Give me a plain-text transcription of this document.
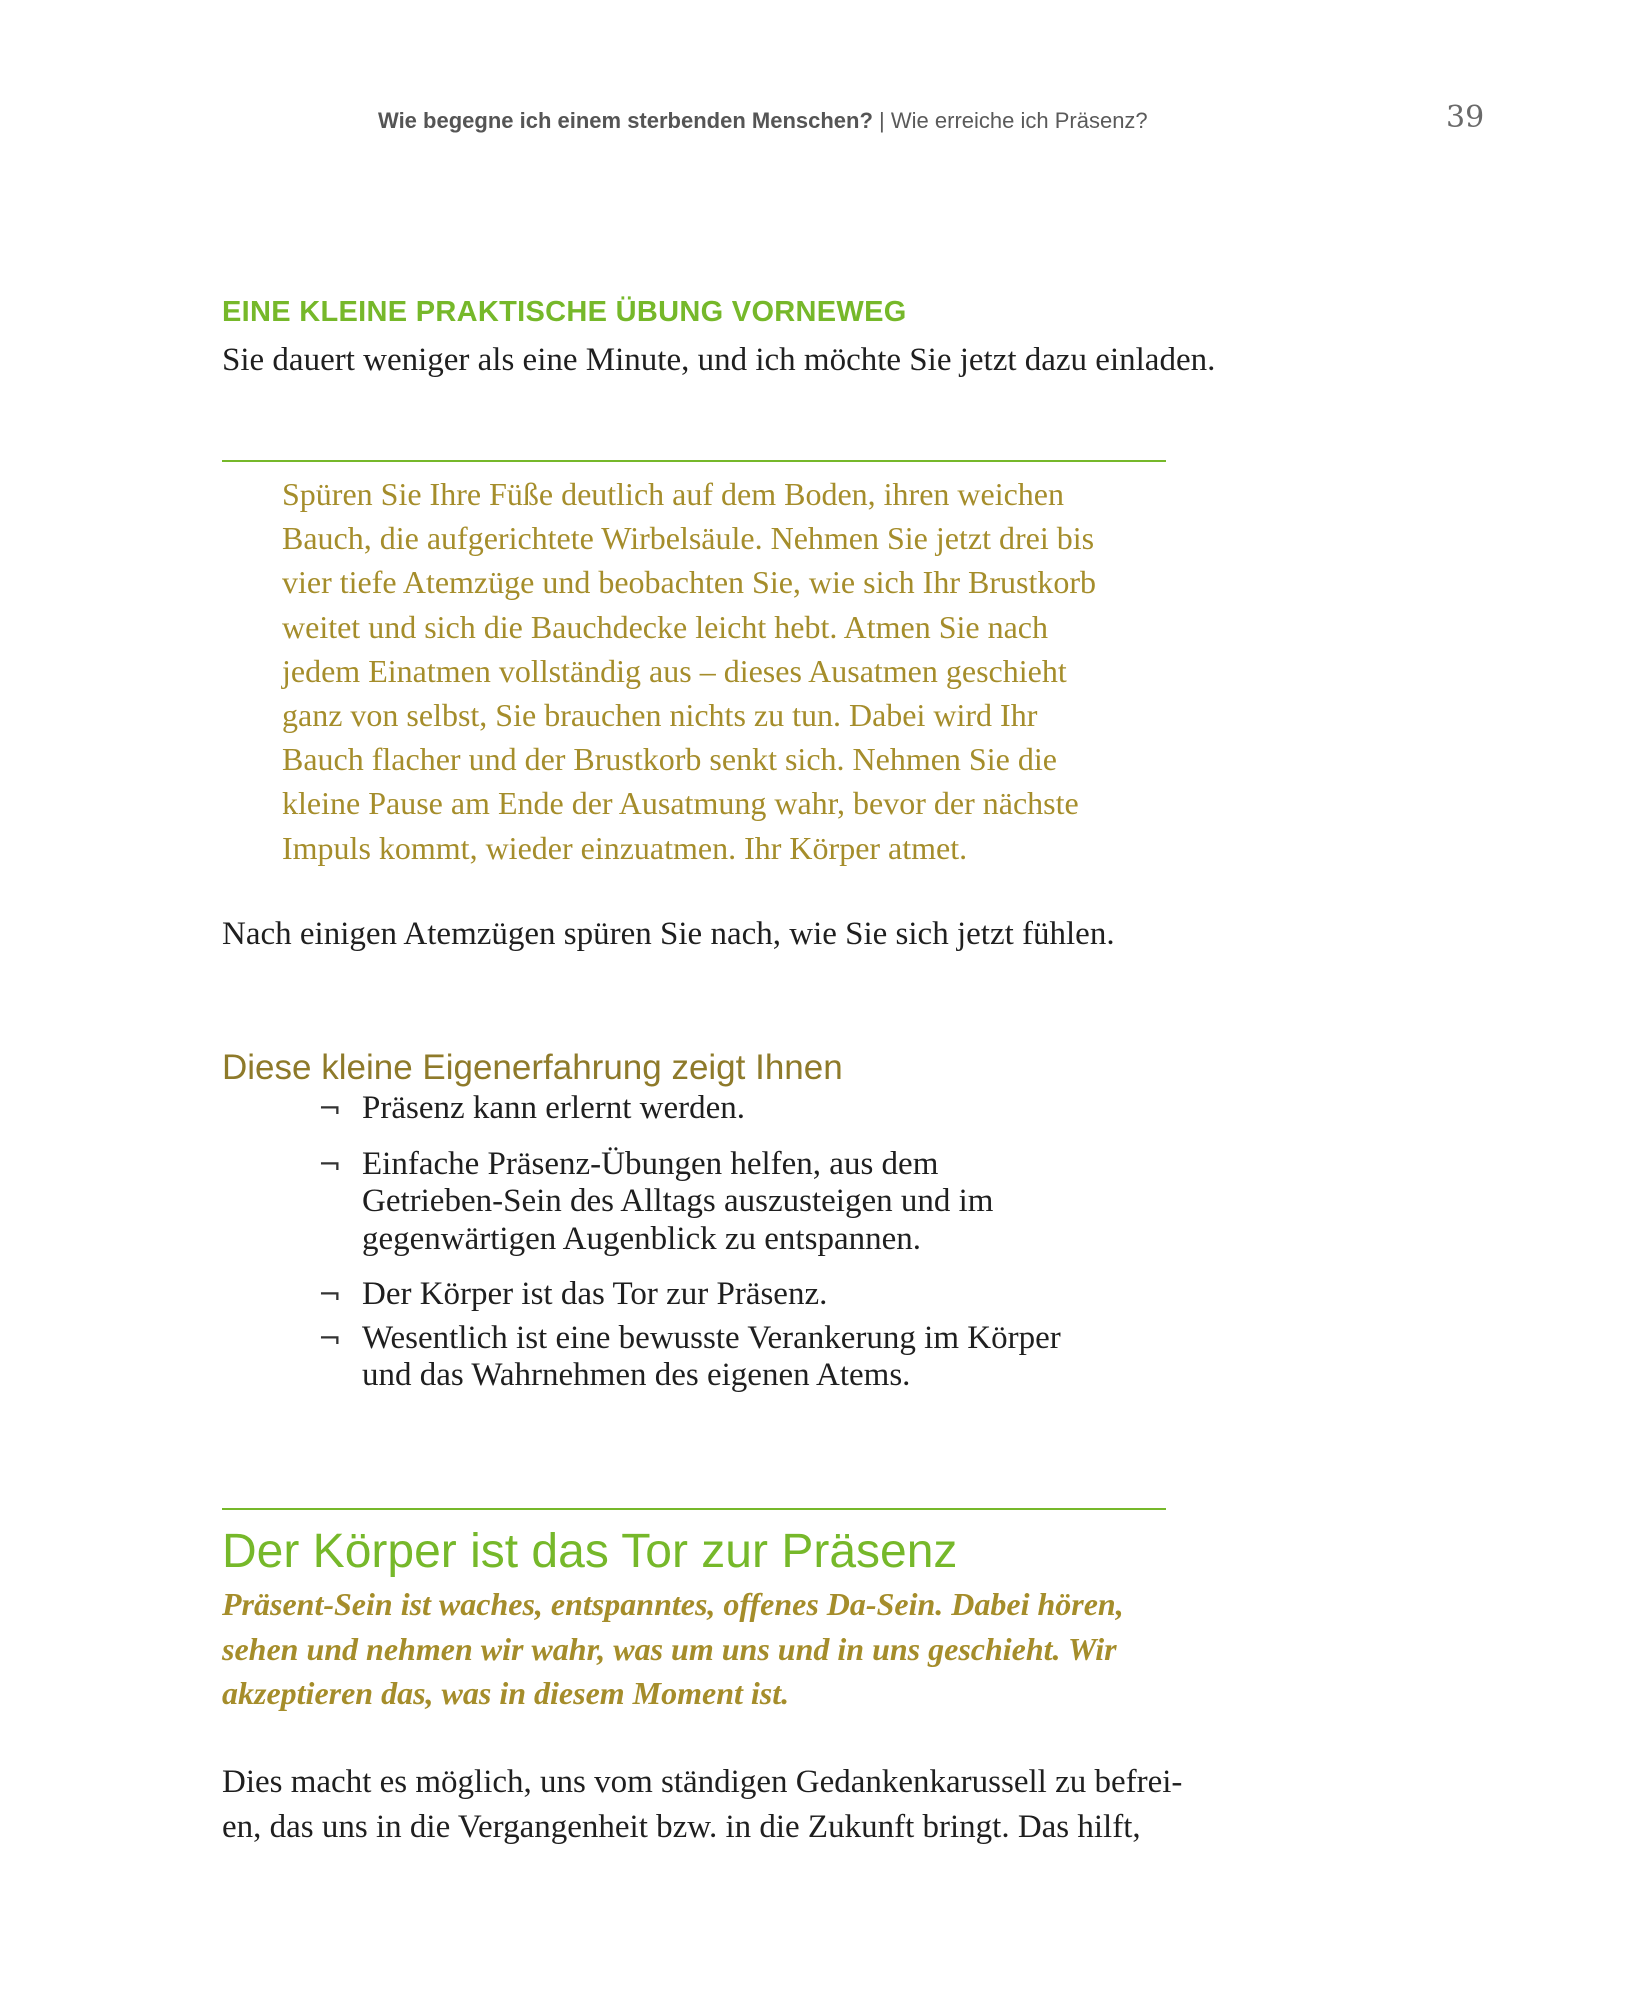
Wie begegne ich einem sterbenden Menschen? | Wie erreiche ich Präsenz?	39
EINE KLEINE PRAKTISCHE ÜBUNG VORNEWEG
Sie dauert weniger als eine Minute, und ich möchte Sie jetzt dazu einladen.
Spüren Sie Ihre Füße deutlich auf dem Boden, ihren weichen
Bauch, die aufgerichtete Wirbelsäule. Nehmen Sie jetzt drei bis
vier tiefe Atemzüge und beobachten Sie, wie sich Ihr Brustkorb
weitet und sich die Bauchdecke leicht hebt. Atmen Sie nach
jedem Einatmen vollständig aus – dieses Ausatmen geschieht
ganz von selbst, Sie brauchen nichts zu tun. Dabei wird Ihr
Bauch flacher und der Brustkorb senkt sich. Nehmen Sie die
kleine Pause am Ende der Ausatmung wahr, bevor der nächste
Impuls kommt, wieder einzuatmen. Ihr Körper atmet.
Nach einigen Atemzügen spüren Sie nach, wie Sie sich jetzt fühlen.
Diese kleine Eigenerfahrung zeigt Ihnen
¬ Präsenz kann erlernt werden.
¬ Einfache Präsenz-Übungen helfen, aus dem
Getrieben-Sein des Alltags auszusteigen und im
gegenwärtigen Augenblick zu entspannen.
¬ Der Körper ist das Tor zur Präsenz.
¬ Wesentlich ist eine bewusste Verankerung im Körper
und das Wahrnehmen des eigenen Atems.
Der Körper ist das Tor zur Präsenz
Präsent-Sein ist waches, entspanntes, offenes Da-Sein. Dabei hören,
sehen und nehmen wir wahr, was um uns und in uns geschieht. Wir
akzeptieren das, was in diesem Moment ist.
Dies macht es möglich, uns vom ständigen Gedankenkarussell zu befrei-
en, das uns in die Vergangenheit bzw. in die Zukunft bringt. Das hilft,
